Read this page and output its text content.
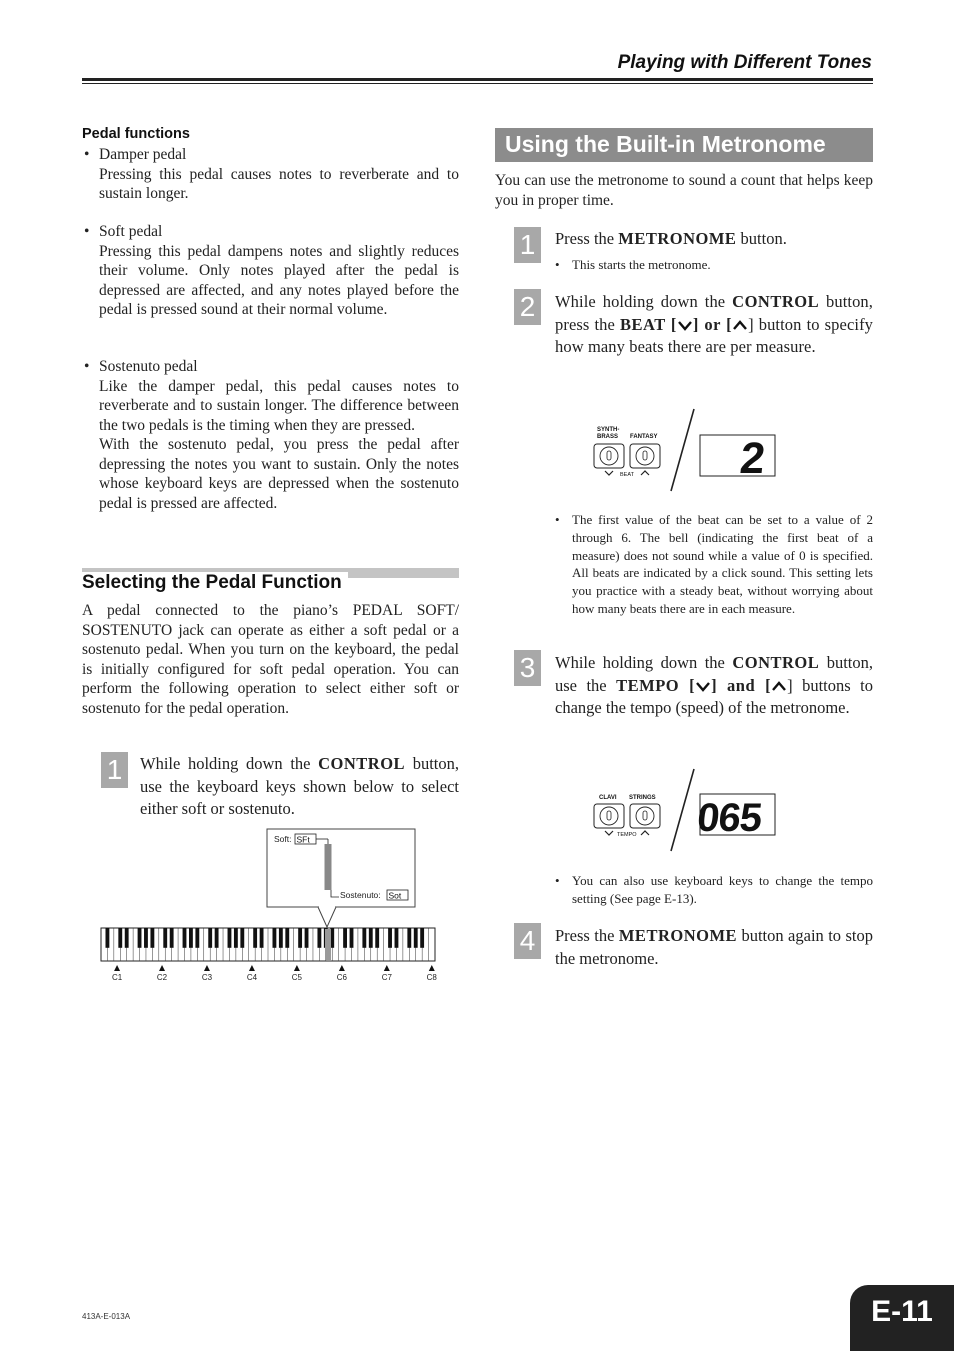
Playing with Different Tones
Pedal functions
• Damper pedal
Pressing this pedal causes notes to reverberate and to sustain longer.
• Soft pedal
Pressing this pedal dampens notes and slightly reduces their volume. Only notes played after the pedal is depressed are affected, and any notes played before the pedal is pressed sound at their normal volume.
• Sostenuto pedal
Like the damper pedal, this pedal causes notes to reverberate and to sustain longer. The difference between the two pedals is the timing when they are pressed.
With the sostenuto pedal, you press the pedal after depressing the notes you want to sustain. Only the notes whose keyboard keys are depressed when the sostenuto pedal is pressed are affected.
Selecting the Pedal Function
A pedal connected to the piano’s PEDAL SOFT/ SOSTENUTO jack can operate as either a soft pedal or a sostenuto pedal. When you turn on the keyboard, the pedal is initially configured for soft pedal operation. You can perform the following operation to select either soft or sostenuto for the pedal operation.
1	While holding down the CONTROL button, use the keyboard keys shown below to select either soft or sostenuto.
Soft: SFt
Sostenuto: Sot
C1	C2	C3	C4	C5	C6	C7	C8
Using the Built-in Metronome
You can use the metronome to sound a count that helps keep you in proper time.
1	Press the METRONOME button.
• This starts the metronome.
2	While holding down the CONTROL button, press the BEAT [ ] or [ ] button to specify how many beats there are per measure.
SYNTH-
BRASS FANTASY
BEAT 2
• The first value of the beat can be set to a value of 2 through 6. The bell (indicating the first beat of a measure) does not sound while a value of 0 is specified. All beats are indicated by a click sound. This setting lets you practice with a steady beat, without worrying about how many beats there are in each measure.
3	While holding down the CONTROL button, use the TEMPO [ ] and [ ] buttons to change the tempo (speed) of the metronome.
CLAVI STRINGS
TEMPO 065
• You can also use keyboard keys to change the tempo setting (See page E-13).
4	Press the METRONOME button again to stop the metronome.
413A-E-013A	E-11
